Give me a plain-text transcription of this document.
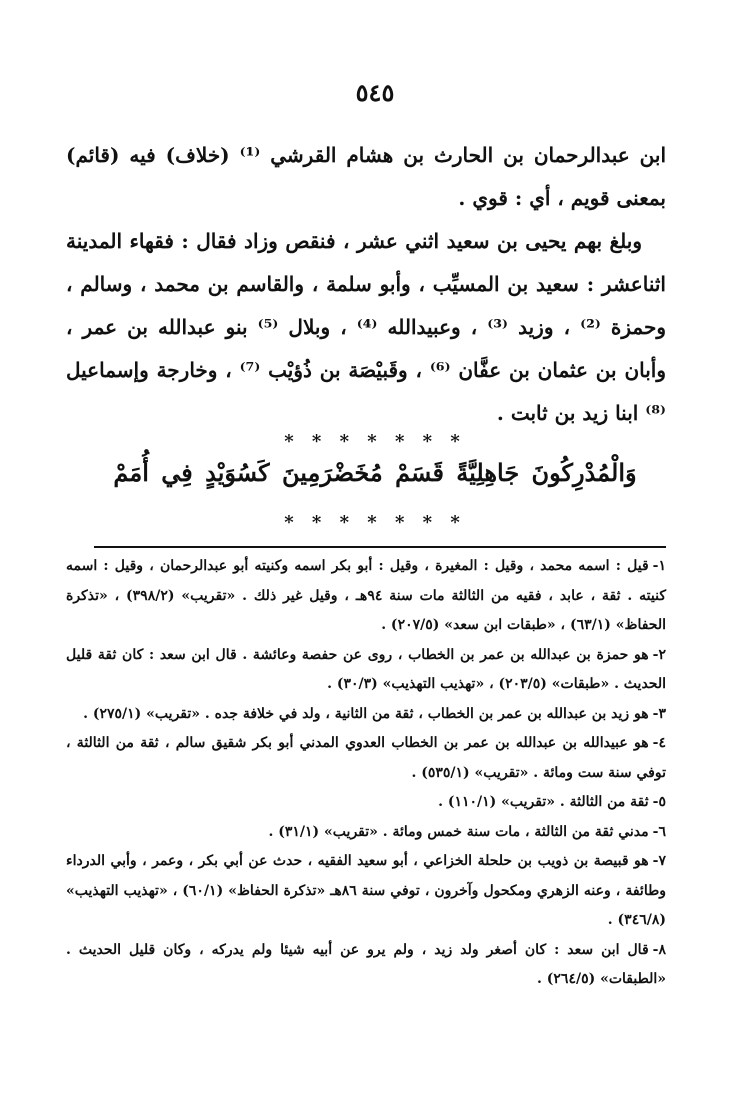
٥٤٥

ابن عبدالرحمان بن الحارث بن هشام القرشي ⁽¹⁾ (خلاف) فيه (قائم) بمعنى قويم ، أي : قوي .

وبلغ بهم يحيى بن سعيد اثني عشر ، فنقص وزاد فقال : فقهاء المدينة اثناعشر : سعيد بن المسيِّب ، وأبو سلمة ، والقاسم بن محمد ، وسالم ، وحمزة ⁽²⁾ ، وزيد ⁽³⁾ ، وعبيدالله ⁽⁴⁾ ، وبلال ⁽⁵⁾ بنو عبدالله بن عمر ، وأبان بن عثمان بن عفَّان ⁽⁶⁾ ، وقَبيْصَة بن ذُؤيْب ⁽⁷⁾ ، وخارجة وإسماعيل ⁽⁸⁾ ابنا زيد بن ثابت .

* * * * * * *
وَالْمُدْرِكُونَ جَاهِلِيَّةً قَسَمْ مُخَضْرَمِينَ كَسُوَيْدٍ فِي أُمَمْ
* * * * * * *

١-قيل : اسمه محمد ، وقيل : المغيرة ، وقيل : أبو بكر اسمه وكنيته أبو عبدالرحمان ، وقيل : اسمه كنيته . ثقة ، عابد ، فقيه من الثالثة مات سنة ٩٤هـ ، وقيل غير ذلك . «تقريب» (٣٩٨/٢) ، «تذكرة الحفاظ» (٦٣/١) ، «طبقات ابن سعد» (٢٠٧/٥) .

٢-هو حمزة بن عبدالله بن عمر بن الخطاب ، روى عن حفصة وعائشة . قال ابن سعد : كان ثقة قليل الحديث . «طبقات» (٢٠٣/٥) ، «تهذيب التهذيب» (٣٠/٣) .

٣-هو زيد بن عبدالله بن عمر بن الخطاب ، ثقة من الثانية ، ولد في خلافة جده . «تقريب» (٢٧٥/١) .

٤-هو عبيدالله بن عبدالله بن عمر بن الخطاب العدوي المدني أبو بكر شقيق سالم ، ثقة من الثالثة ، توفي سنة ست ومائة . «تقريب» (٥٣٥/١) .

٥-ثقة من الثالثة . «تقريب» (١١٠/١) .

٦-مدني ثقة من الثالثة ، مات سنة خمس ومائة . «تقريب» (٣١/١) .

٧-هو قبيصة بن ذويب بن حلحلة الخزاعي ، أبو سعيد الفقيه ، حدث عن أبي بكر ، وعمر ، وأبي الدرداء وطائفة ، وعنه الزهري ومكحول وآخرون ، توفي سنة ٨٦هـ «تذكرة الحفاظ» (٦٠/١) ، «تهذيب التهذيب» (٣٤٦/٨) .

٨-قال ابن سعد : كان أصغر ولد زيد ، ولم يرو عن أبيه شيئا ولم يدركه ، وكان قليل الحديث . «الطبقات» (٢٦٤/٥) .
